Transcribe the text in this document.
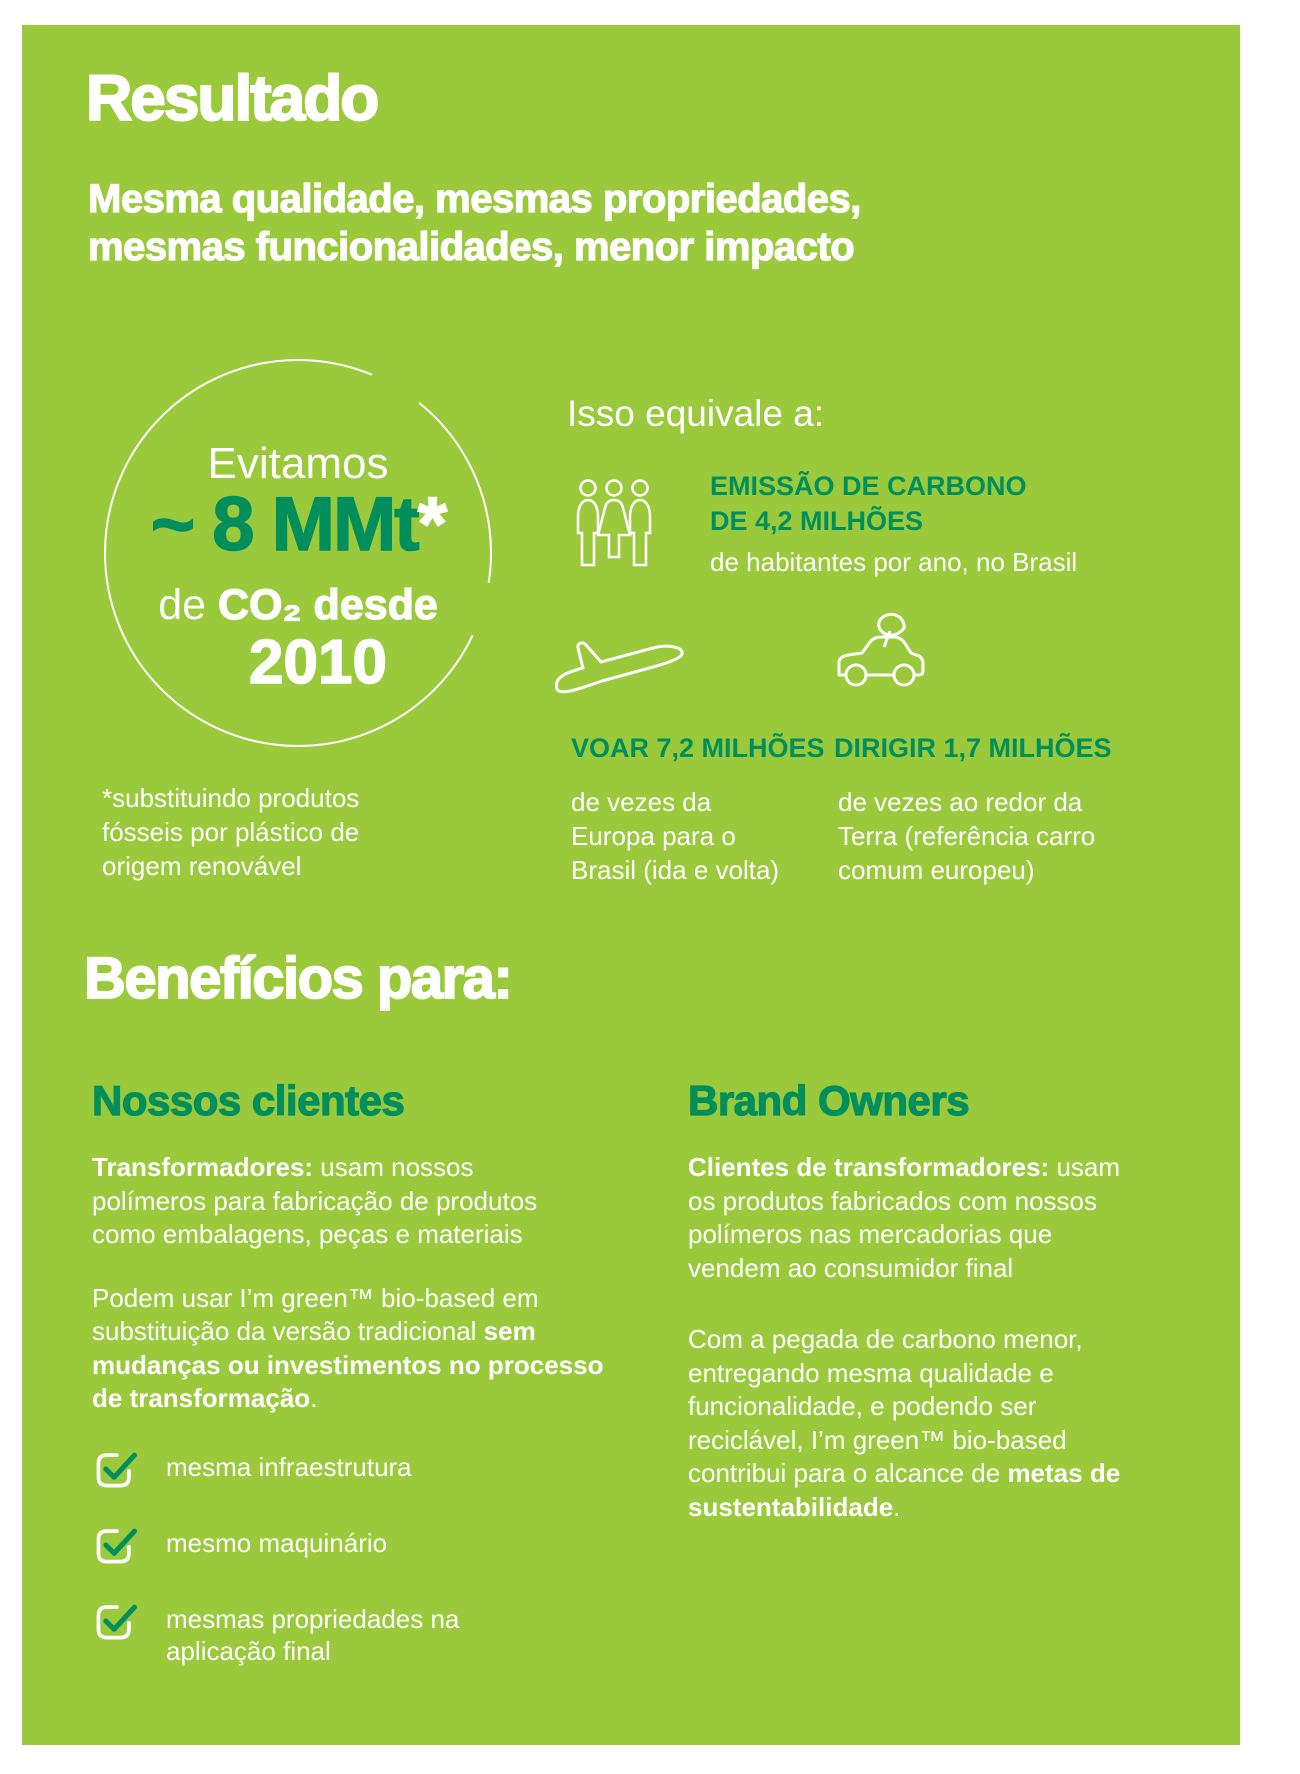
Resultado

Mesma qualidade, mesmas propriedades, mesmas funcionalidades, menor impacto

Evitamos
~ 8 MMt*
de CO₂ desde
2010
Isso equivale a:
EMISSÃO DE CARBONO
DE 4,2 MILHÕES
de habitantes por ano, no Brasil
VOAR 7,2 MILHÕES
de vezes da
Europa para o
Brasil (ida e volta)
DIRIGIR 1,7 MILHÕES
de vezes ao redor da
Terra (referência carro
comum europeu)
*substituindo produtos
fósseis por plástico de
origem renovável
Benefícios para:
Nossos clientes

Transformadores: usam nossos polímeros para fabricação de produtos como embalagens, peças e materiais

Podem usar I’m green™ bio-based em substituição da versão tradicional sem mudanças ou investimentos no processo de transformação.

mesma infraestrutura
mesmo maquinário
mesmas propriedades na aplicação final
Brand Owners

Clientes de transformadores: usam os produtos fabricados com nossos polímeros nas mercadorias que vendem ao consumidor final

Com a pegada de carbono menor, entregando mesma qualidade e funcionalidade, e podendo ser reciclável, I’m green™ bio-based contribui para o alcance de metas de sustentabilidade.
